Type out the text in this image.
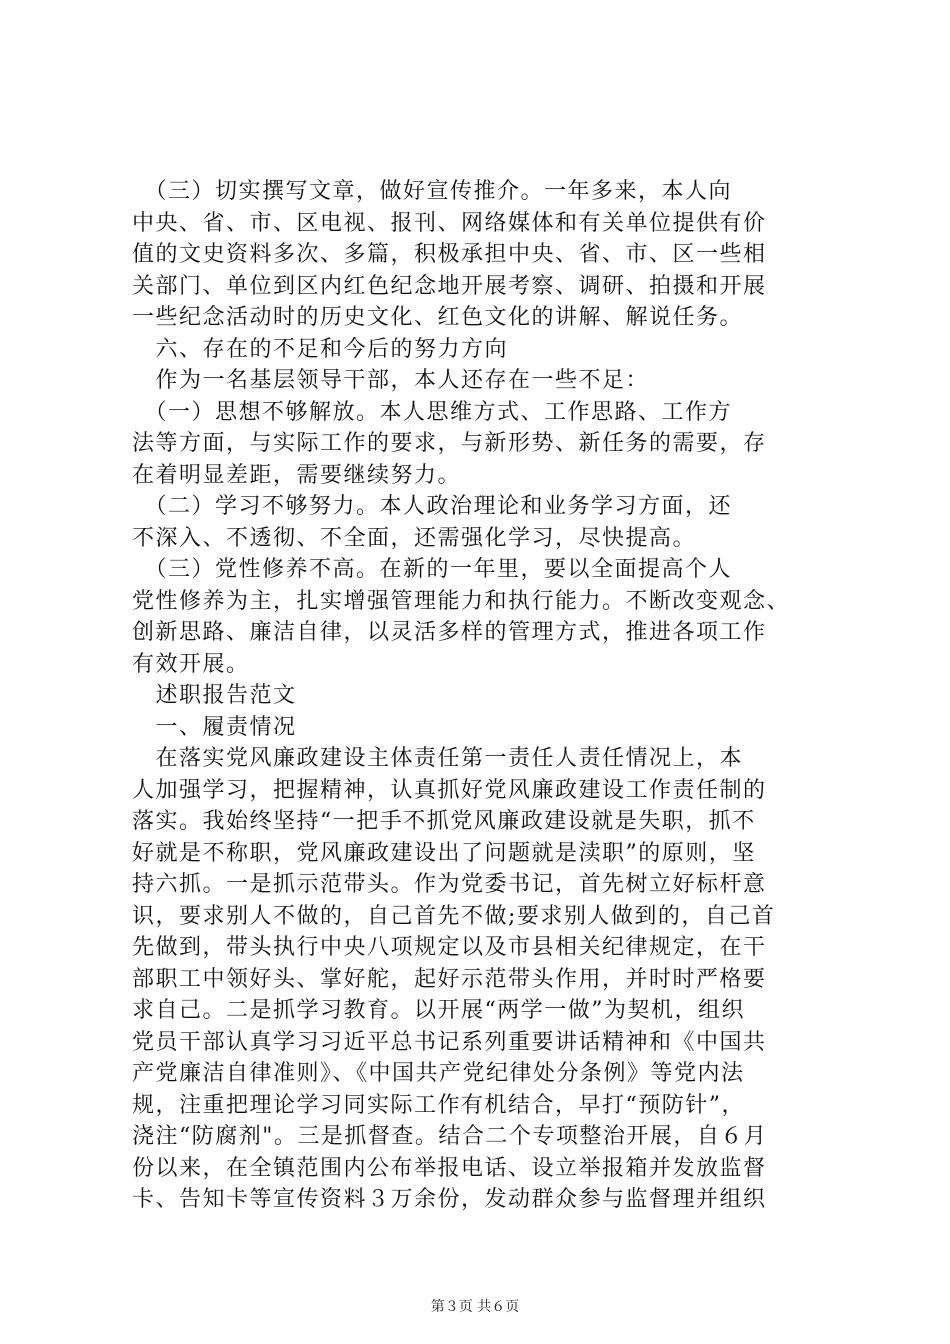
　（三）切实撰写文章，做好宣传推介。一年多来，本人向
中央、省、市、区电视、报刊、网络媒体和有关单位提供有价
值的文史资料多次、多篇，积极承担中央、省、市、区一些相
关部门、单位到区内红色纪念地开展考察、调研、拍摄和开展
一些纪念活动时的历史文化、红色文化的讲解、解说任务。
　六、存在的不足和今后的努力方向
　作为一名基层领导干部，本人还存在一些不足：
　（一）思想不够解放。本人思维方式、工作思路、工作方
法等方面，与实际工作的要求，与新形势、新任务的需要，存
在着明显差距，需要继续努力。
　（二）学习不够努力。本人政治理论和业务学习方面，还
不深入、不透彻、不全面，还需强化学习，尽快提高。
　（三）党性修养不高。在新的一年里，要以全面提高个人
党性修养为主，扎实增强管理能力和执行能力。不断改变观念、
创新思路、廉洁自律，以灵活多样的管理方式，推进各项工作
有效开展。
　述职报告范文
　一、履责情况
　在落实党风廉政建设主体责任第一责任人责任情况上，本
人加强学习，把握精神，认真抓好党风廉政建设工作责任制的
落实。我始终坚持“一把手不抓党风廉政建设就是失职，抓不
好就是不称职，党风廉政建设出了问题就是渎职”的原则，坚
持六抓。一是抓示范带头。作为党委书记，首先树立好标杆意
识，要求别人不做的，自己首先不做;要求别人做到的，自己首
先做到，带头执行中央八项规定以及市县相关纪律规定，在干
部职工中领好头、掌好舵，起好示范带头作用，并时时严格要
求自己。二是抓学习教育。以开展“两学一做”为契机，组织
党员干部认真学习习近平总书记系列重要讲话精神和《中国共
产党廉洁自律准则》、《中国共产党纪律处分条例》等党内法
规，注重把理论学习同实际工作有机结合，早打“预防针”，
浇注“防腐剂"。三是抓督查。结合二个专项整治开展，自６月
份以来，在全镇范围内公布举报电话、设立举报箱并发放监督
卡、告知卡等宣传资料３万余份，发动群众参与监督理并组织
第３页 共６页
